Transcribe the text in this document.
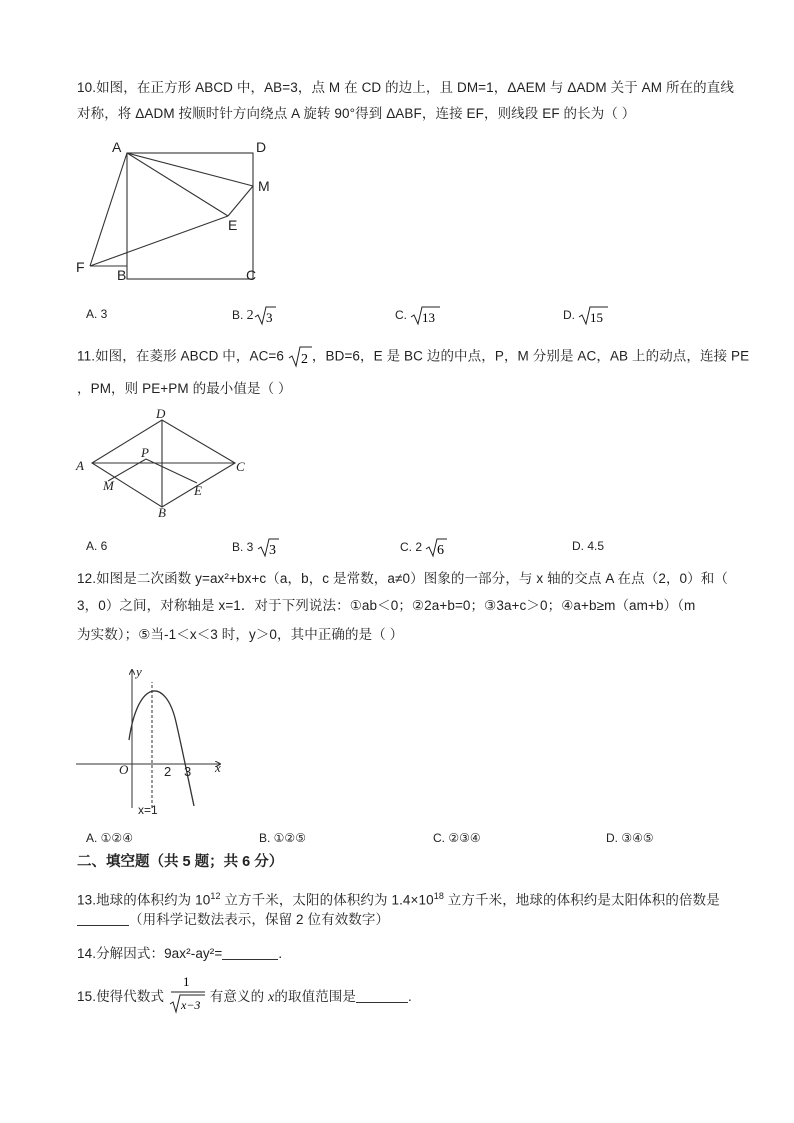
10.如图，在正方形 ABCD 中，AB=3，点 M 在 CD 的边上，且 DM=1，ΔAEM 与 ΔADM 关于 AM 所在的直线
对称，将 ΔADM 按顺时针方向绕点 A 旋转 90°得到 ΔABF，连接 EF，则线段 EF 的长为（ ）
A	D
M
E
F B	C
A. 3	B. 2 3	C. 13	D. 15
11.如图，在菱形 ABCD 中，AC=6 2 ，BD=6，E 是 BC 边的中点，P，M 分别是 AC，AB 上的动点，连接 PE
，PM，则 PE+PM 的最小值是（ ）
A
D
C
B
P
M	E
A. 6	B. 3 3	C. 2 6	D. 4.5
12.如图是二次函数 y=ax²+bx+c（a，b，c 是常数，a≠0）图象的一部分，与 x 轴的交点 A 在点（2，0）和（
3，0）之间，对称轴是 x=1．对于下列说法：①ab＜0；②2a+b=0；③3a+c＞0；④a+b≥m（am+b）（m
为实数）；⑤当-1＜x＜3 时，y＞0，其中正确的是（ ）
y
x
O	2 3
x=1
A. ①②④	B. ①②⑤	C. ②③④	D. ③④⑤
二、填空题（共 5 题；共 6 分）
13.地球的体积约为 $10^{12}$ 立方千米，太阳的体积约为 $1.4\times 10^{18}$ 立方千米，地球的体积约是太阳体积的倍数是
（用科学记数法表示，保留 2 位有效数字）
14.分解因式：9ax²-ay²=	.
15.使得代数式	有意义的 x的取值范围是	.
1
x−3
